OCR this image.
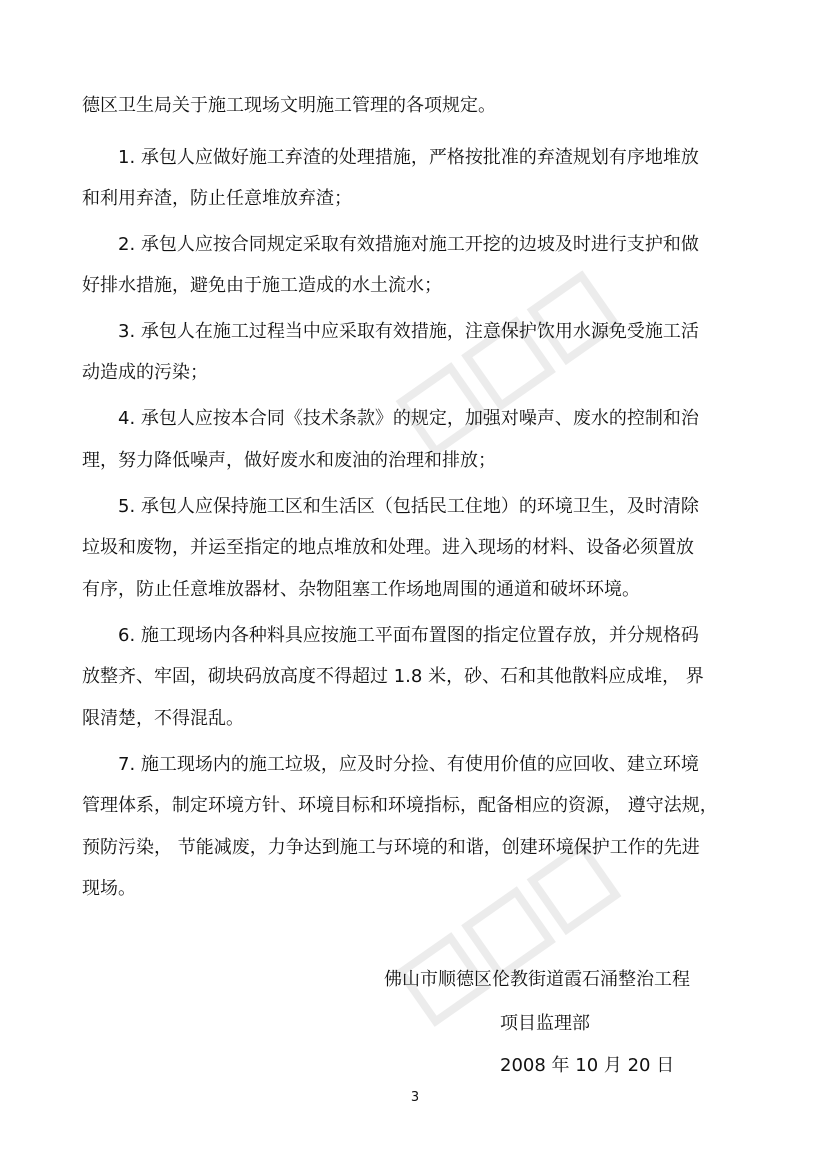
德区卫生局关于施工现场文明施工管理的各项规定。
1. 承包人应做好施工弃渣的处理措施，严格按批准的弃渣规划有序地堆放
和利用弃渣，防止任意堆放弃渣；
2. 承包人应按合同规定采取有效措施对施工开挖的边坡及时进行支护和做
好排水措施，避免由于施工造成的水土流水；
3. 承包人在施工过程当中应采取有效措施，注意保护饮用水源免受施工活
动造成的污染；
4. 承包人应按本合同《技术条款》的规定，加强对噪声、废水的控制和治
理，努力降低噪声，做好废水和废油的治理和排放；
5. 承包人应保持施工区和生活区（包括民工住地）的环境卫生，及时清除
垃圾和废物，并运至指定的地点堆放和处理。进入现场的材料、设备必须置放
有序，防止任意堆放器材、杂物阻塞工作场地周围的通道和破坏环境。
6. 施工现场内各种料具应按施工平面布置图的指定位置存放，并分规格码
放整齐、牢固，砌块码放高度不得超过 1.8 米，砂、石和其他散料应成堆， 界
限清楚，不得混乱。
7. 施工现场内的施工垃圾，应及时分捡、有使用价值的应回收、建立环境
管理体系，制定环境方针、环境目标和环境指标，配备相应的资源， 遵守法规，
预防污染， 节能减废，力争达到施工与环境的和谐，创建环境保护工作的先进
现场。
佛山市顺德区伦教街道霞石涌整治工程
项目监理部
2008 年 10 月 20 日
3
